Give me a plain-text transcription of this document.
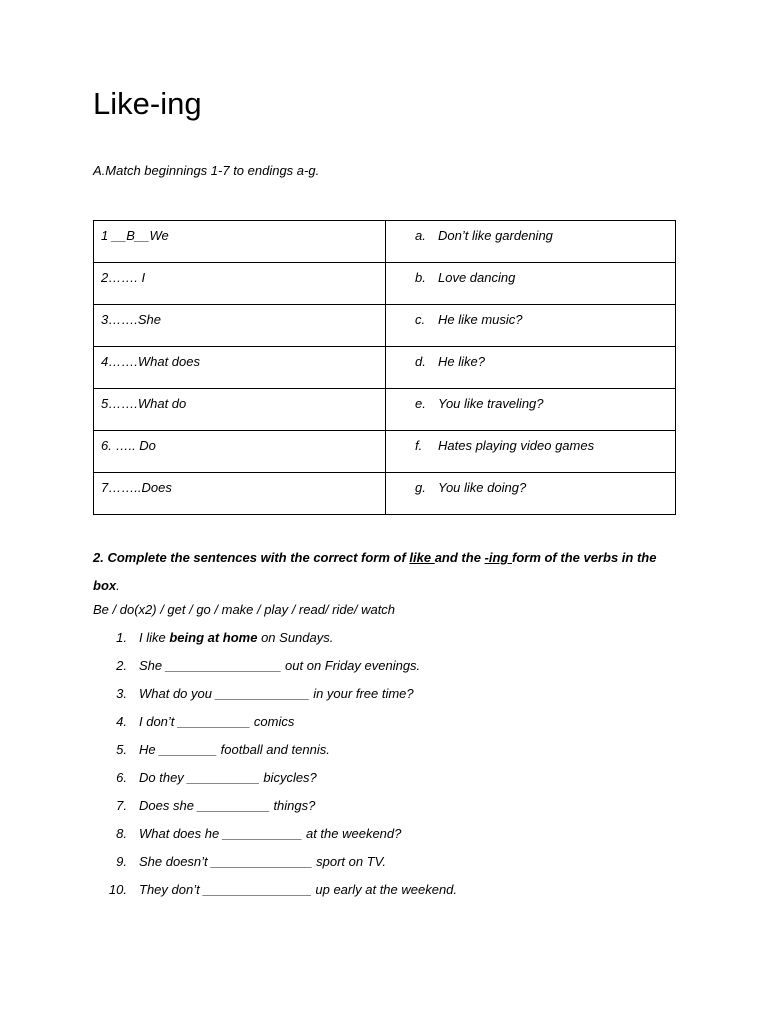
Like-ing
A.Match beginnings 1-7 to endings a-g.
1 __B__We	a. Don’t like gardening
2……. I	b. Love dancing
3…….She	c. He like music?
4…….What does	d. He like?
5…….What do	e. You like traveling?
6. ….. Do	f. Hates playing video games
7……..Does	g. You like doing?
2. Complete the sentences with the correct form of like and the -ing form of the verbs in the box.
Be / do(x2) / get / go / make / play / read/ ride/ watch
1. I like being at home on Sundays.
2. She ________________ out on Friday evenings.
3. What do you _____________ in your free time?
4. I don’t __________ comics
5. He ________ football and tennis.
6. Do they __________ bicycles?
7. Does she __________ things?
8. What does he ___________ at the weekend?
9. She doesn’t ______________ sport on TV.
10. They don’t _______________ up early at the weekend.
